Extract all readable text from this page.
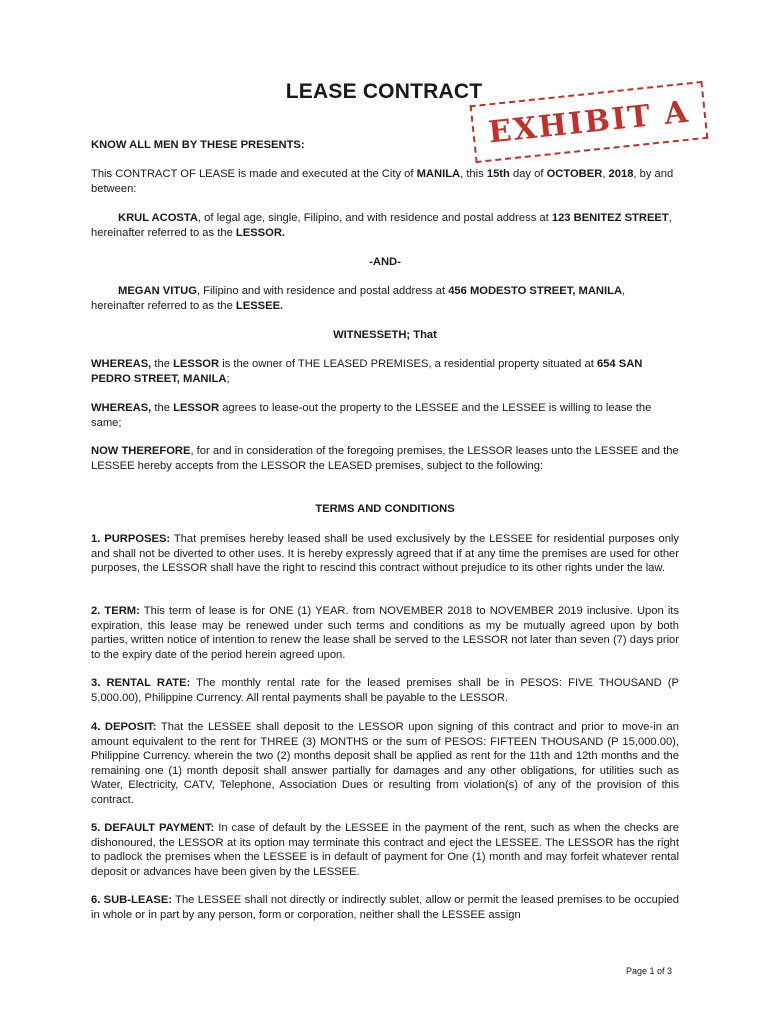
LEASE CONTRACT
EXHIBIT A
KNOW ALL MEN BY THESE PRESENTS:
This CONTRACT OF LEASE is made and executed at the City of MANILA, this 15th day of OCTOBER, 2018, by and between:
KRUL ACOSTA, of legal age, single, Filipino, and with residence and postal address at 123 BENITEZ STREET, hereinafter referred to as the LESSOR.
-AND-
MEGAN VITUG, Filipino and with residence and postal address at 456 MODESTO STREET, MANILA, hereinafter referred to as the LESSEE.
WITNESSETH; That
WHEREAS, the LESSOR is the owner of THE LEASED PREMISES, a residential property situated at 654 SAN PEDRO STREET, MANILA;
WHEREAS, the LESSOR agrees to lease-out the property to the LESSEE and the LESSEE is willing to lease the same;
NOW THEREFORE, for and in consideration of the foregoing premises, the LESSOR leases unto the LESSEE and the LESSEE hereby accepts from the LESSOR the LEASED premises, subject to the following:
TERMS AND CONDITIONS
1. PURPOSES: That premises hereby leased shall be used exclusively by the LESSEE for residential purposes only and shall not be diverted to other uses. It is hereby expressly agreed that if at any time the premises are used for other purposes, the LESSOR shall have the right to rescind this contract without prejudice to its other rights under the law.
2. TERM: This term of lease is for ONE (1) YEAR. from NOVEMBER 2018 to NOVEMBER 2019 inclusive. Upon its expiration, this lease may be renewed under such terms and conditions as my be mutually agreed upon by both parties, written notice of intention to renew the lease shall be served to the LESSOR not later than seven (7) days prior to the expiry date of the period herein agreed upon.
3. RENTAL RATE: The monthly rental rate for the leased premises shall be in PESOS: FIVE THOUSAND (P 5,000.00), Philippine Currency. All rental payments shall be payable to the LESSOR.
4. DEPOSIT: That the LESSEE shall deposit to the LESSOR upon signing of this contract and prior to move-in an amount equivalent to the rent for THREE (3) MONTHS or the sum of PESOS: FIFTEEN THOUSAND (P 15,000.00), Philippine Currency. wherein the two (2) months deposit shall be applied as rent for the 11th and 12th months and the remaining one (1) month deposit shall answer partially for damages and any other obligations, for utilities such as Water, Electricity, CATV, Telephone, Association Dues or resulting from violation(s) of any of the provision of this contract.
5. DEFAULT PAYMENT: In case of default by the LESSEE in the payment of the rent, such as when the checks are dishonoured, the LESSOR at its option may terminate this contract and eject the LESSEE. The LESSOR has the right to padlock the premises when the LESSEE is in default of payment for One (1) month and may forfeit whatever rental deposit or advances have been given by the LESSEE.
6. SUB-LEASE: The LESSEE shall not directly or indirectly sublet, allow or permit the leased premises to be occupied in whole or in part by any person, form or corporation, neither shall the LESSEE assign
Page 1 of 3
